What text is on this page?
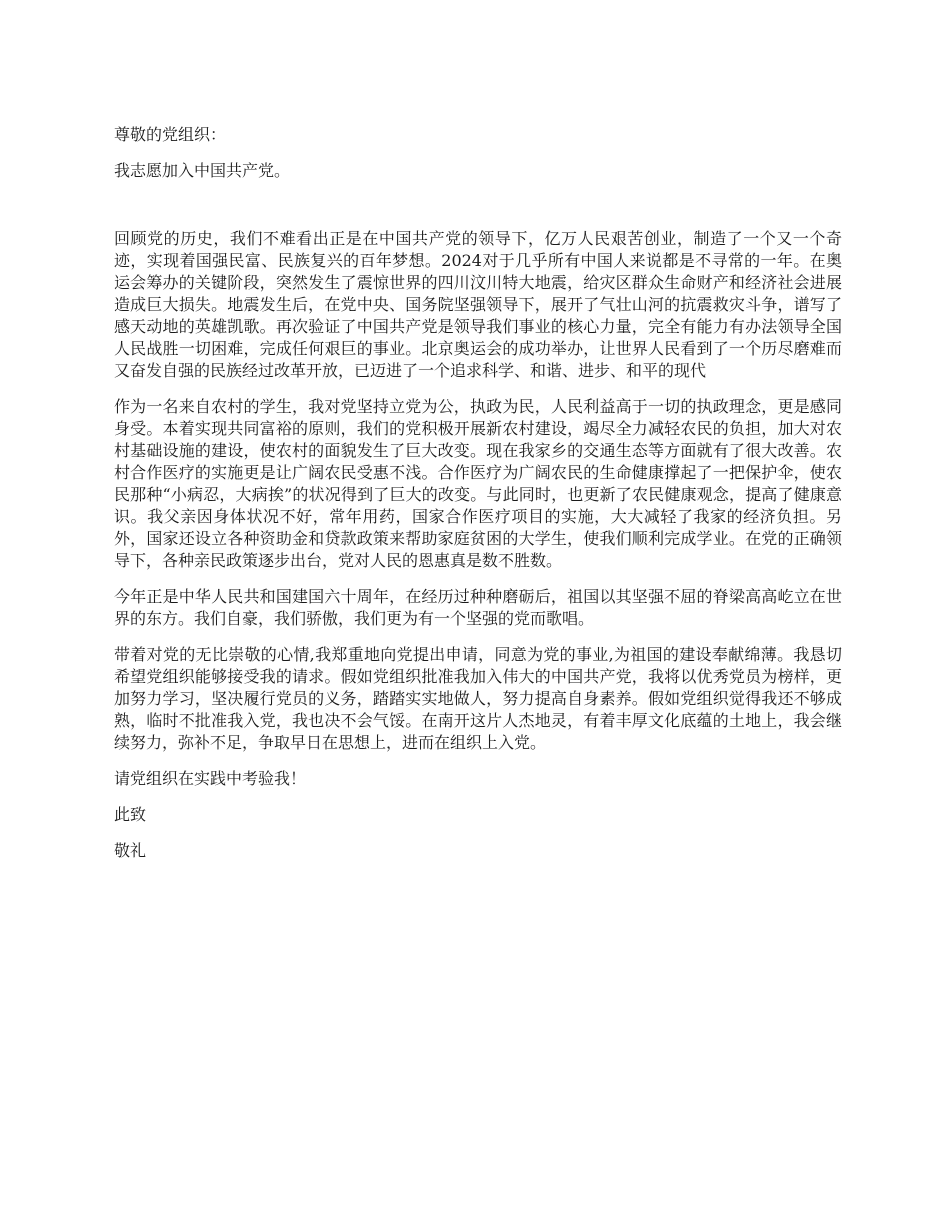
尊敬的党组织：

我志愿加入中国共产党。

回顾党的历史，我们不难看出正是在中国共产党的领导下，亿万人民艰苦创业，制造了一个又一个奇迹，实现着国强民富、民族复兴的百年梦想。2024对于几乎所有中国人来说都是不寻常的一年。在奥运会筹办的关键阶段，突然发生了震惊世界的四川汶川特大地震，给灾区群众生命财产和经济社会进展造成巨大损失。地震发生后，在党中央、国务院坚强领导下，展开了气壮山河的抗震救灾斗争，谱写了感天动地的英雄凯歌。再次验证了中国共产党是领导我们事业的核心力量，完全有能力有办法领导全国人民战胜一切困难，完成任何艰巨的事业。北京奥运会的成功举办，让世界人民看到了一个历尽磨难而又奋发自强的民族经过改革开放，已迈进了一个追求科学、和谐、进步、和平的现代

作为一名来自农村的学生，我对党坚持立党为公，执政为民，人民利益高于一切的执政理念，更是感同身受。本着实现共同富裕的原则，我们的党积极开展新农村建设，竭尽全力减轻农民的负担，加大对农村基础设施的建设，使农村的面貌发生了巨大改变。现在我家乡的交通生态等方面就有了很大改善。农村合作医疗的实施更是让广阔农民受惠不浅。合作医疗为广阔农民的生命健康撑起了一把保护伞，使农民那种“小病忍，大病挨”的状况得到了巨大的改变。与此同时，也更新了农民健康观念，提高了健康意识。我父亲因身体状况不好，常年用药，国家合作医疗项目的实施，大大减轻了我家的经济负担。另外，国家还设立各种资助金和贷款政策来帮助家庭贫困的大学生，使我们顺利完成学业。在党的正确领导下，各种亲民政策逐步出台，党对人民的恩惠真是数不胜数。

今年正是中华人民共和国建国六十周年，在经历过种种磨砺后，祖国以其坚强不屈的脊梁高高屹立在世界的东方。我们自豪，我们骄傲，我们更为有一个坚强的党而歌唱。

带着对党的无比崇敬的心情,我郑重地向党提出申请，同意为党的事业,为祖国的建设奉献绵薄。我恳切希望党组织能够接受我的请求。假如党组织批准我加入伟大的中国共产党，我将以优秀党员为榜样，更加努力学习，坚决履行党员的义务，踏踏实实地做人，努力提高自身素养。假如党组织觉得我还不够成熟，临时不批准我入党，我也决不会气馁。在南开这片人杰地灵，有着丰厚文化底蕴的土地上，我会继续努力，弥补不足，争取早日在思想上，进而在组织上入党。

请党组织在实践中考验我！

此致

敬礼
